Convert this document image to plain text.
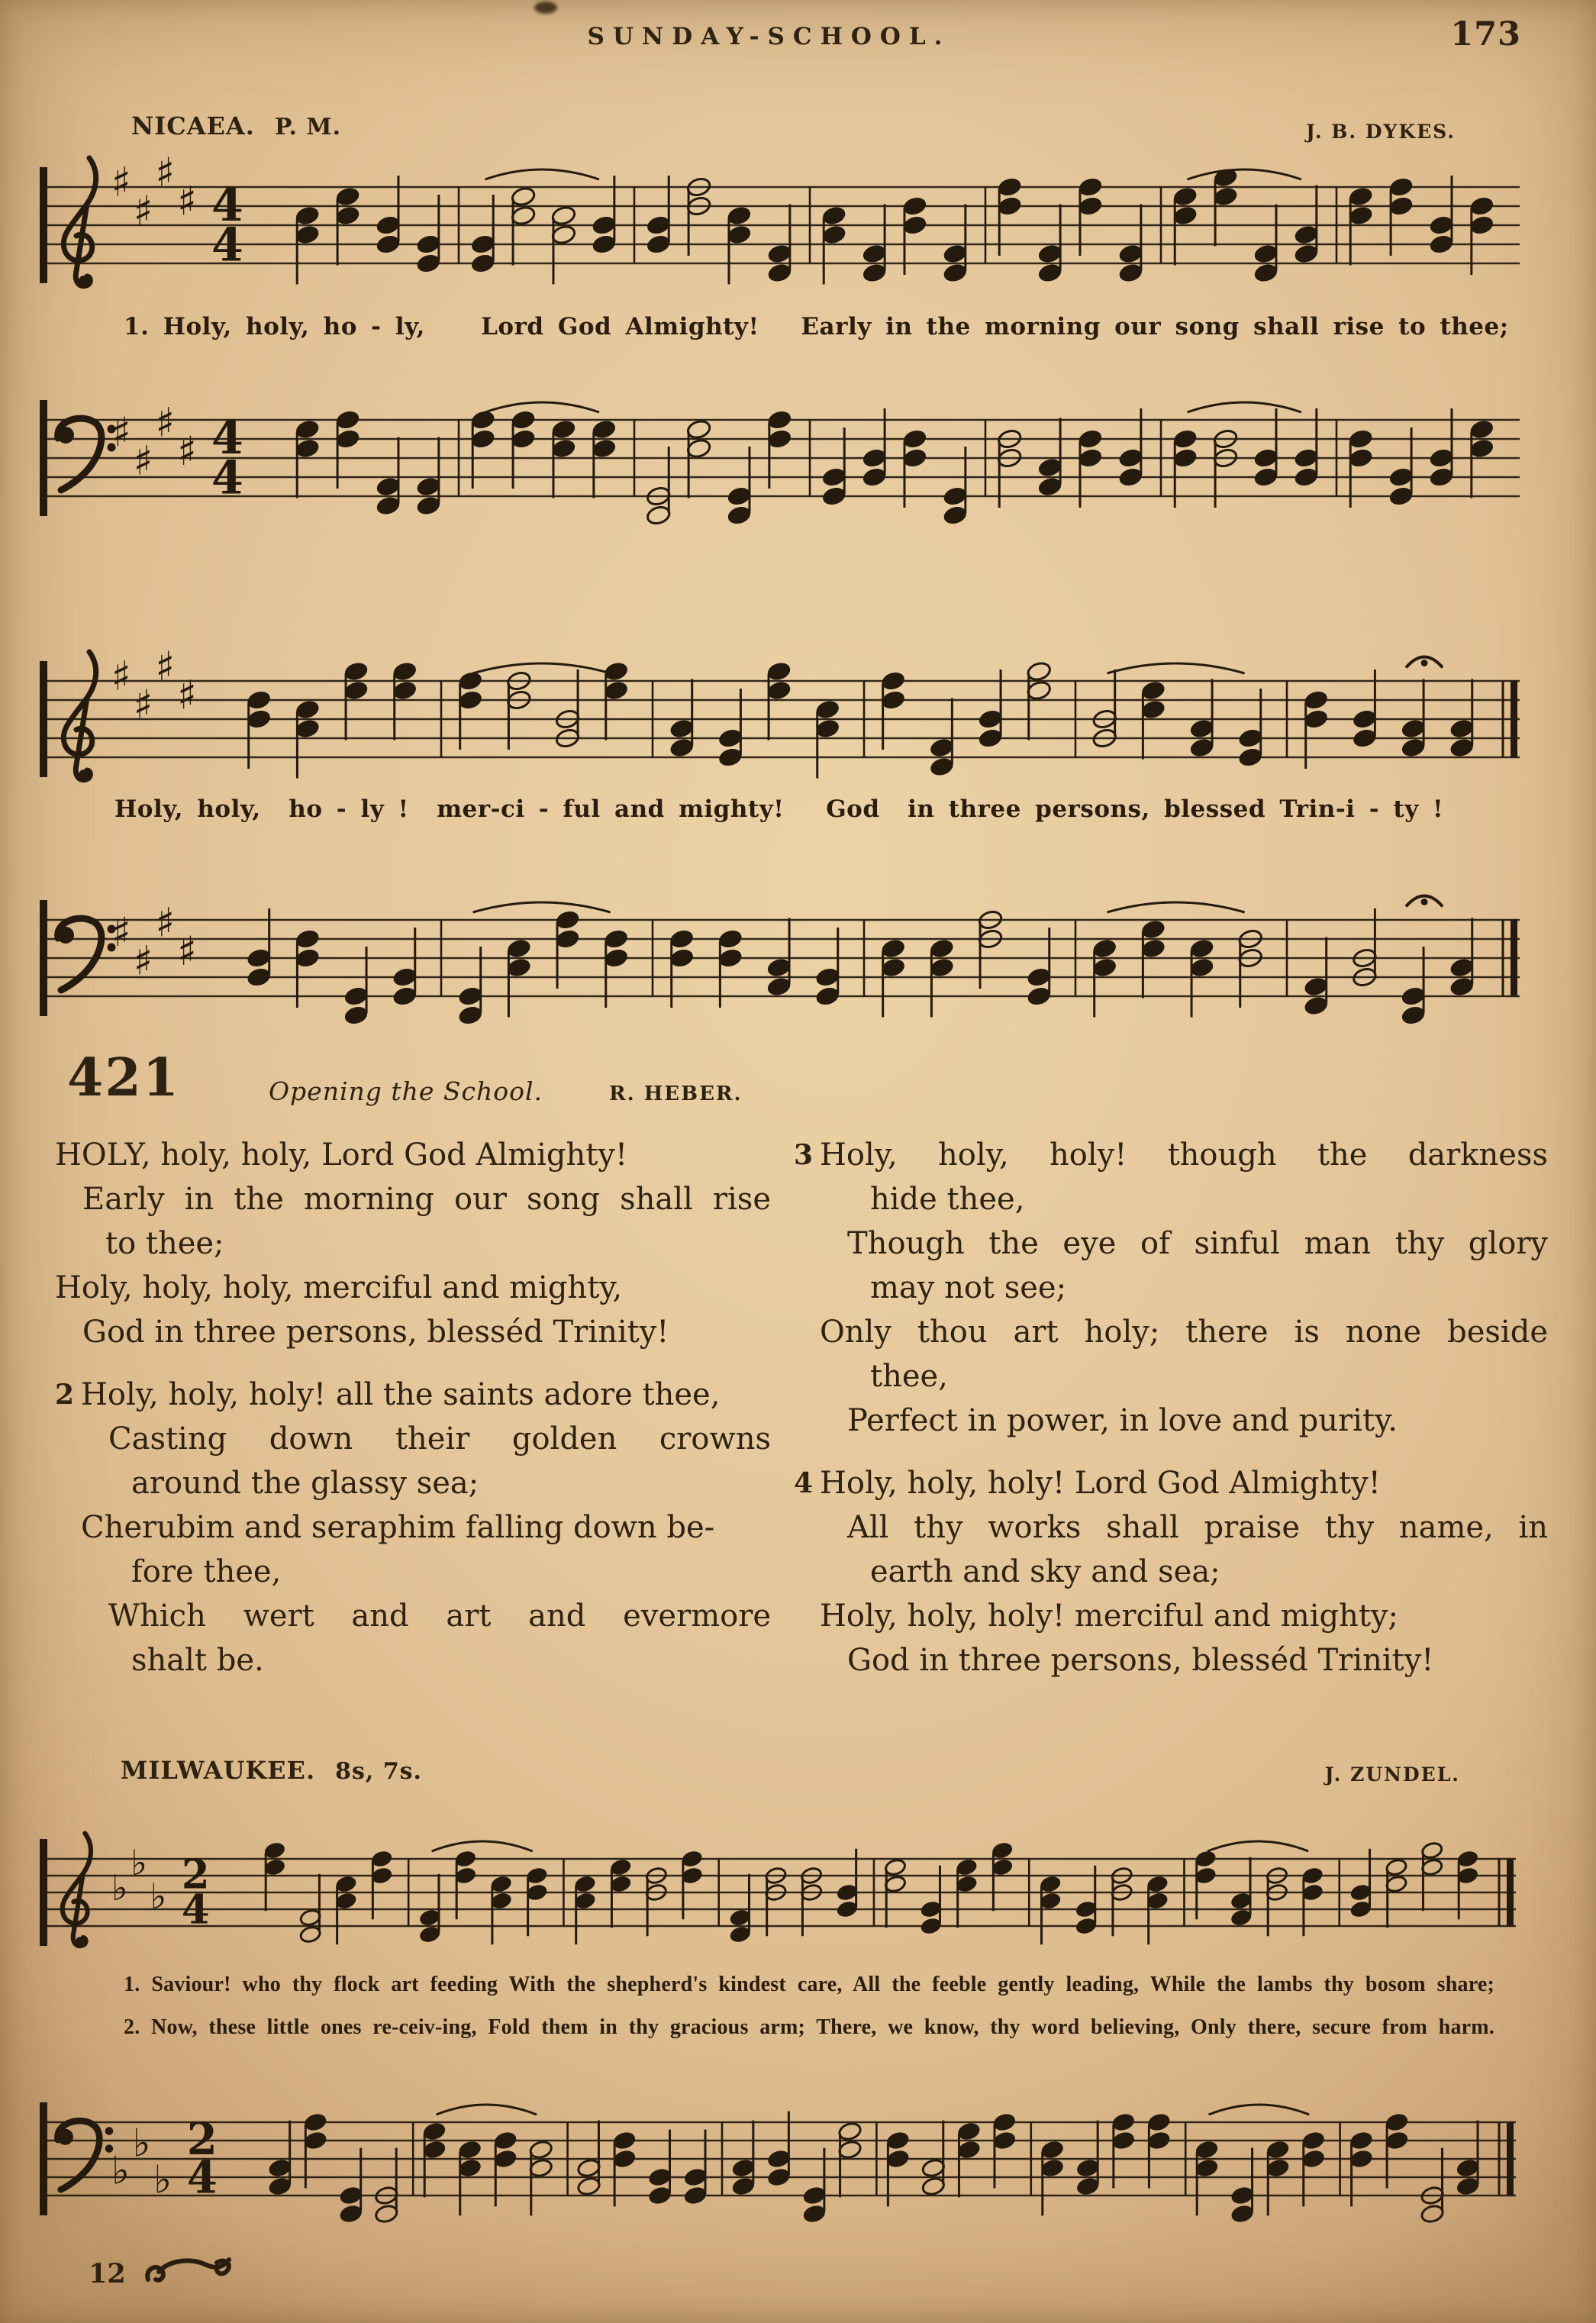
SUNDAY-SCHOOL.	173
NICAEA. P. M.	J. B. DYKES.
♯
♯
♯
♯ 4
4
1. Holy, holy, ho - ly,    Lord God Almighty!   Early in the morning our song shall rise to thee;
♯
♯
♯
♯ 4
4
♯
♯
♯
♯
Holy, holy,  ho - ly !  mer-ci - ful and mighty!   God  in three persons, blessed Trin-i - ty !
♯
♯
♯
♯
421	Opening the School.	R. HEBER.
HOLY, holy, holy, Lord God Almighty!
Early in the morning our song shall rise
to thee;
Holy, holy, holy, merciful and mighty,
God in three persons, blesséd Trinity!
2 Holy, holy, holy! all the saints adore thee,
Casting down their golden crowns
around the glassy sea;
Cherubim and seraphim falling down be-
fore thee,
Which wert and art and evermore
shalt be.
3 Holy, holy, holy! though the darkness
hide thee,
Though the eye of sinful man thy glory
may not see;
Only thou art holy; there is none beside
thee,
Perfect in power, in love and purity.
4 Holy, holy, holy! Lord God Almighty!
All thy works shall praise thy name, in
earth and sky and sea;
Holy, holy, holy! merciful and mighty;
God in three persons, blesséd Trinity!
MILWAUKEE. 8s, 7s.	J. ZUNDEL.
♭
♭
♭ 2
4
1. Saviour! who thy flock art feeding With the shepherd's kindest care, All the feeble gently leading, While the lambs thy bosom share;
2. Now, these little ones re-ceiv-ing, Fold them in thy gracious arm; There, we know, thy word believing, Only there, secure from harm.
♭
♭
♭
2
4
12
